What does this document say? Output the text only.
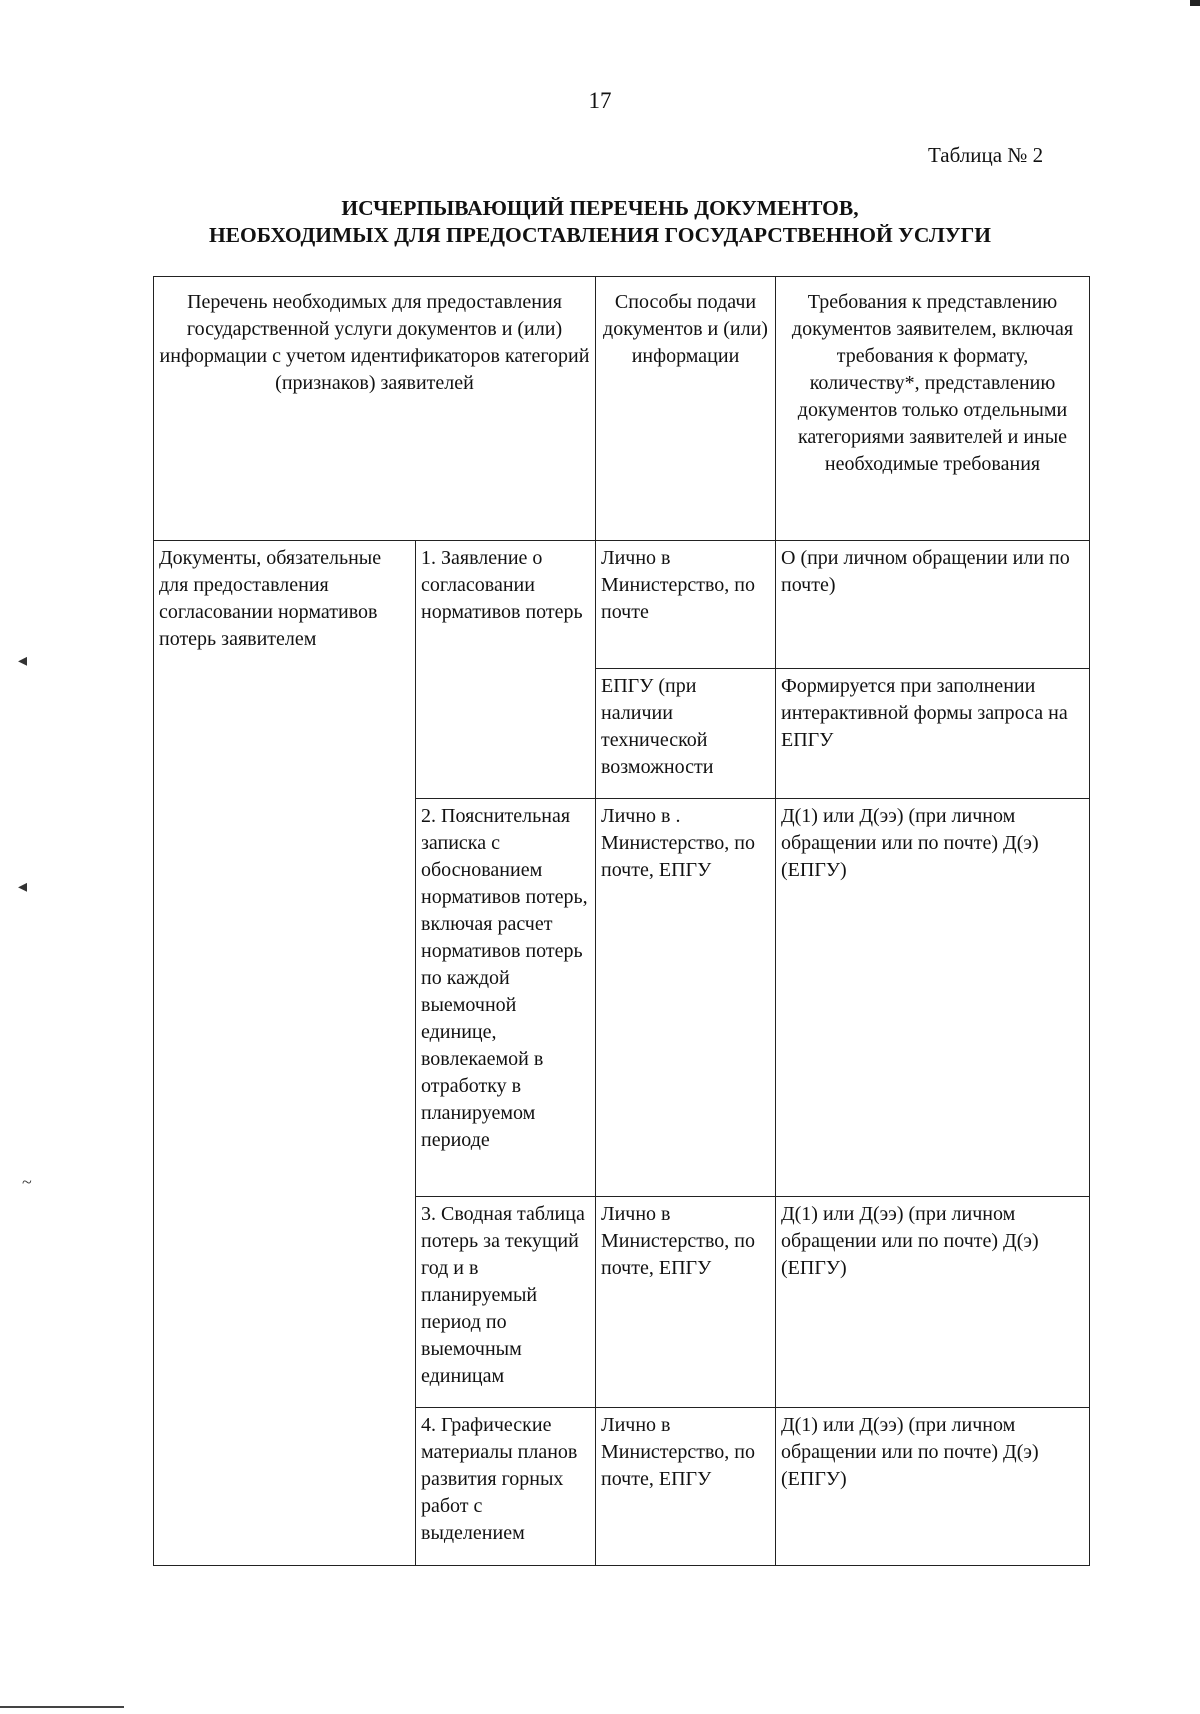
17
Таблица № 2
ИСЧЕРПЫВАЮЩИЙ ПЕРЕЧЕНЬ ДОКУМЕНТОВ,
НЕОБХОДИМЫХ ДЛЯ ПРЕДОСТАВЛЕНИЯ ГОСУДАРСТВЕННОЙ УСЛУГИ
Перечень необходимых для предоставления государственной услуги документов и (или) информации с учетом идентификаторов категорий (признаков) заявителей		Способы подачи документов и (или) информации	Требования к представлению документов заявителем, включая требования к формату, количеству*, представлению документов только отдельными категориями заявителей и иные необходимые требования
Документы, обязательные для предоставления согласовании нормативов потерь заявителем	1. Заявление о согласовании нормативов потерь	Лично в Министерство, по почте	О (при личном обращении или по почте)
		ЕПГУ (при наличии технической возможности	Формируется при заполнении интерактивной формы запроса на ЕПГУ
	2. Пояснительная записка с обоснованием нормативов потерь, включая расчет нормативов потерь по каждой выемочной единице, вовлекаемой в отработку в планируемом периоде	Лично в . Министерство, по почте, ЕПГУ	Д(1) или Д(ээ) (при личном обращении или по почте) Д(э) (ЕПГУ)
	3. Сводная таблица потерь за текущий год и в планируемый период по выемочным единицам	Лично в Министерство, по почте, ЕПГУ	Д(1) или Д(ээ) (при личном обращении или по почте) Д(э) (ЕПГУ)
	4. Графические материалы планов развития горных работ с выделением	Лично в Министерство, по почте, ЕПГУ	Д(1) или Д(ээ) (при личном обращении или по почте) Д(э) (ЕПГУ)
◂
◂
~
